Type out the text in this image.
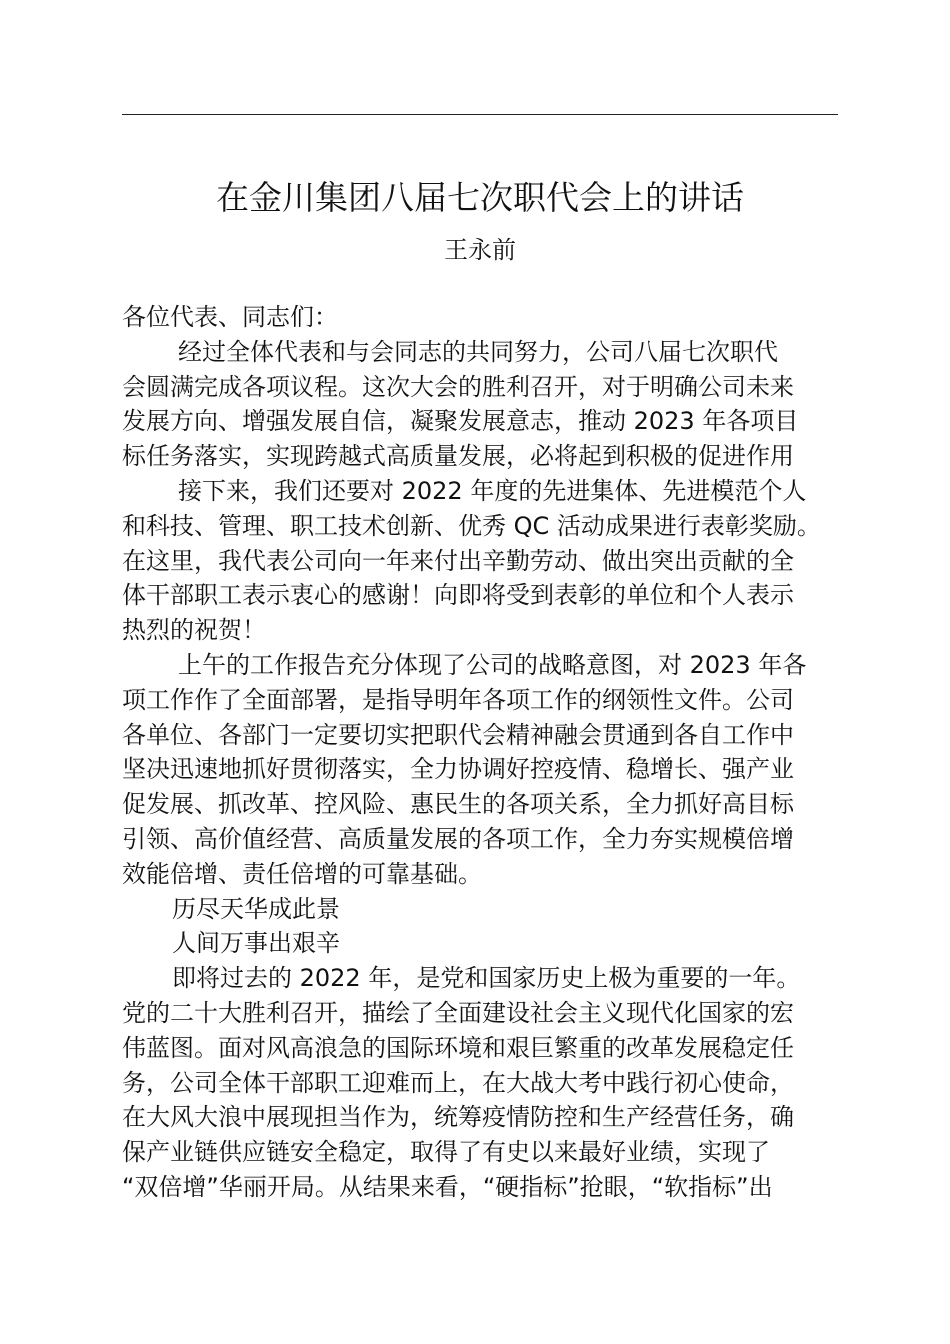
在金川集团八届七次职代会上的讲话
王永前
各位代表、同志们：
经过全体代表和与会同志的共同努力，公司八届七次职代
会圆满完成各项议程。这次大会的胜利召开，对于明确公司未来
发展方向、增强发展自信，凝聚发展意志，推动 2023 年各项目
标任务落实，实现跨越式高质量发展，必将起到积极的促进作用
接下来，我们还要对 2022 年度的先进集体、先进模范个人
和科技、管理、职工技术创新、优秀 QC 活动成果进行表彰奖励。
在这里，我代表公司向一年来付出辛勤劳动、做出突出贡献的全
体干部职工表示衷心的感谢！向即将受到表彰的单位和个人表示
热烈的祝贺！
上午的工作报告充分体现了公司的战略意图，对 2023 年各
项工作作了全面部署，是指导明年各项工作的纲领性文件。公司
各单位、各部门一定要切实把职代会精神融会贯通到各自工作中
坚决迅速地抓好贯彻落实，全力协调好控疫情、稳增长、强产业
促发展、抓改革、控风险、惠民生的各项关系，全力抓好高目标
引领、高价值经营、高质量发展的各项工作，全力夯实规模倍增
效能倍增、责任倍增的可靠基础。
历尽天华成此景
人间万事出艰辛
即将过去的 2022 年，是党和国家历史上极为重要的一年。
党的二十大胜利召开，描绘了全面建设社会主义现代化国家的宏
伟蓝图。面对风高浪急的国际环境和艰巨繁重的改革发展稳定任
务，公司全体干部职工迎难而上，在大战大考中践行初心使命，
在大风大浪中展现担当作为，统筹疫情防控和生产经营任务，确
保产业链供应链安全稳定，取得了有史以来最好业绩，实现了
“双倍增”华丽开局。从结果来看，“硬指标”抢眼，“软指标”出
